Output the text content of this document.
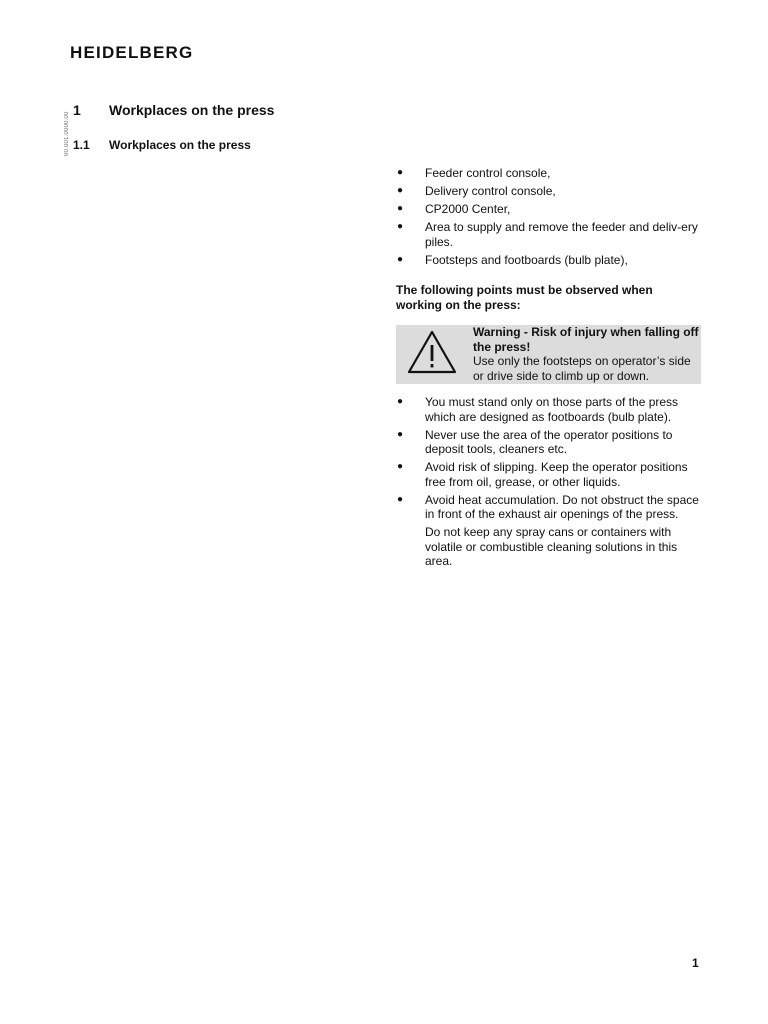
HEIDELBERG
00.001.0000.00
1 Workplaces on the press
1.1 Workplaces on the press
● Feeder control console,
● Delivery control console,
● CP2000 Center,
● Area to supply and remove the feeder and deliv-ery piles.
● Footsteps and footboards (bulb plate),
The following points must be observed when working on the press:
Warning - Risk of injury when falling off the press!
Use only the footsteps on operator’s side or drive side to climb up or down.
● You must stand only on those parts of the press which are designed as footboards (bulb plate).

● Never use the area of the operator positions to deposit tools, cleaners etc.

● Avoid risk of slipping. Keep the operator positions free from oil, grease, or other liquids.

● Avoid heat accumulation. Do not obstruct the space in front of the exhaust air openings of the press.

Do not keep any spray cans or containers with volatile or combustible cleaning solutions in this area.

1
